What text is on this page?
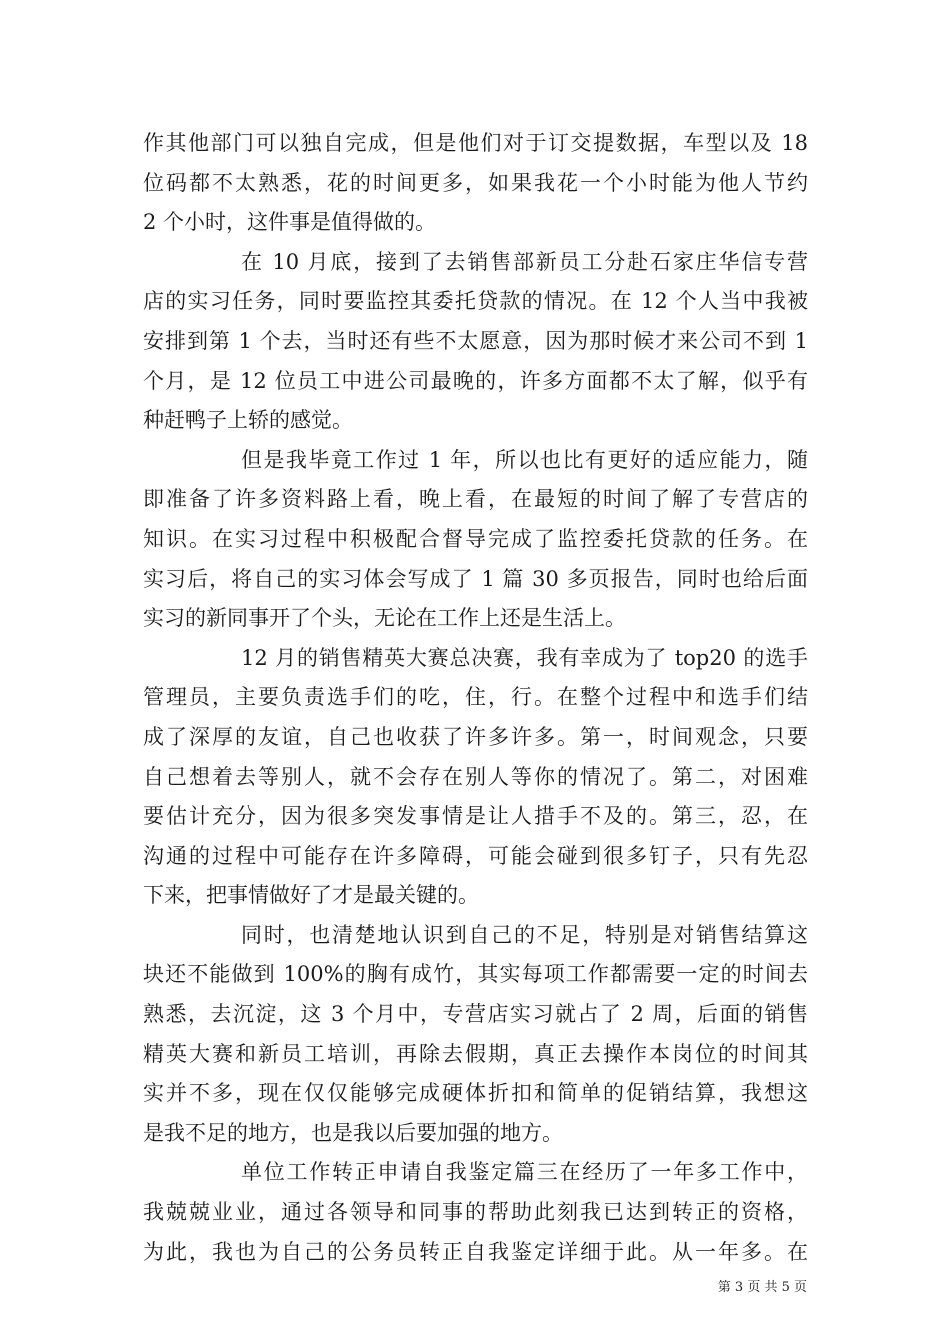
作其他部门可以独自完成，但是他们对于订交提数据，车型以及 18
位码都不太熟悉，花的时间更多，如果我花一个小时能为他人节约
2 个小时，这件事是值得做的。
在 10 月底，接到了去销售部新员工分赴石家庄华信专营
店的实习任务，同时要监控其委托贷款的情况。在 12 个人当中我被
安排到第 1 个去，当时还有些不太愿意，因为那时候才来公司不到 1
个月，是 12 位员工中进公司最晚的，许多方面都不太了解，似乎有
种赶鸭子上轿的感觉。
但是我毕竟工作过 1 年，所以也比有更好的适应能力，随
即准备了许多资料路上看，晚上看，在最短的时间了解了专营店的
知识。在实习过程中积极配合督导完成了监控委托贷款的任务。在
实习后，将自己的实习体会写成了 1 篇 30 多页报告，同时也给后面
实习的新同事开了个头，无论在工作上还是生活上。
12 月的销售精英大赛总决赛，我有幸成为了 top20 的选手
管理员，主要负责选手们的吃，住，行。在整个过程中和选手们结
成了深厚的友谊，自己也收获了许多许多。第一，时间观念，只要
自己想着去等别人，就不会存在别人等你的情况了。第二，对困难
要估计充分，因为很多突发事情是让人措手不及的。第三，忍，在
沟通的过程中可能存在许多障碍，可能会碰到很多钉子，只有先忍
下来，把事情做好了才是最关键的。
同时，也清楚地认识到自己的不足，特别是对销售结算这
块还不能做到 100%的胸有成竹，其实每项工作都需要一定的时间去
熟悉，去沉淀，这 3 个月中，专营店实习就占了 2 周，后面的销售
精英大赛和新员工培训，再除去假期，真正去操作本岗位的时间其
实并不多，现在仅仅能够完成硬体折扣和简单的促销结算，我想这
是我不足的地方，也是我以后要加强的地方。
单位工作转正申请自我鉴定篇三在经历了一年多工作中，
我兢兢业业，通过各领导和同事的帮助此刻我已达到转正的资格，
为此，我也为自己的公务员转正自我鉴定详细于此。从一年多。在
第 3 页 共 5 页
